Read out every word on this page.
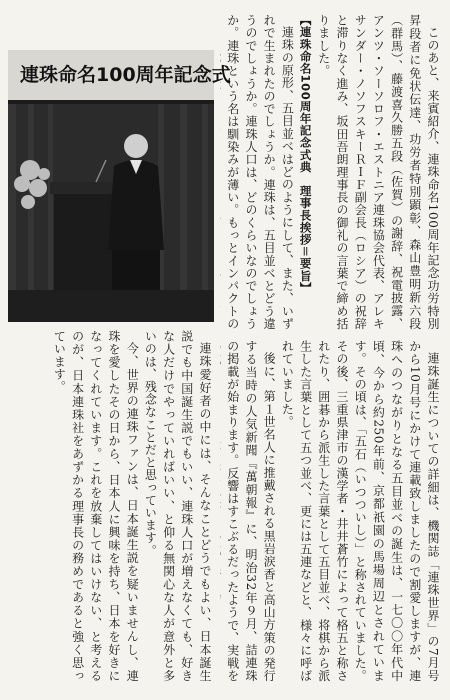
連珠命名100周年記念式	このあと、来賓紹介、連珠命名100周年記念功労特別昇段者に免状伝達、功労者特別顕彰、森山豊明新六段（群馬）、藤渡喜久勝五段（佐賀）の謝辞、祝電披露、アンツ・ソーソロフ・エストニア連珠協会代表、アレキサンダー・ノソフスキーＲＩＦ副会長（ロシア）の祝辞と滞りなく進み、坂田吾朗理事長の御礼の言葉で締め括りました。
【連珠命名100周年記念式典　理事長挨拶＝要旨】
連珠の原形、五目並べはどのようにして、また、いずれで生まれたのでしょうか。連珠は、五目並べとどう違うのでしょうか。連珠人口は、どのくらいなのでしょうか。連珠という名は馴染みが薄い。もっとインパクトの
連珠愛好者の中には、そんなことどうでもよい、日本誕生説でも中国誕生説でもいい、連珠人口が増えなくても、好きな人だけでやっていればいい、と仰る無関心な人が意外と多いのは、残念なことだと思っています。
今、世界の連珠ファンは、日本誕生説を疑いませんし、連珠を愛したその日から、日本人に興味を持ち、日本を好きになってくれています。これを放棄してはいけない、と考えるのが、日本連珠社をあずかる理事長の務めであると強く思っています。	連珠誕生についての詳細は、機関誌「連珠世界」の7月号から10月号にかけて連載致しましたので割愛しますが、連珠へのつながりとなる五目並べの誕生は、一七〇〇年代中頃、今から約250年前、京都祇園の馬場周辺とされています。その頃は、「五石（いつついし）」と称されていました。その後、三重県津市の漢学者・井井蒼竹によって格五と称されたり、囲碁から派生した言葉として五目並べ、将棋から派生した言葉として五つ並べ、更には五連などと、様々に呼ばれていました。
後に、第１世名人に推戴される黒岩涙香と高山方策の発行する当時の人気新聞『萬朝報』に、明治32年９月、詰連珠の掲載が始まります。反響はすこぶるだったようで、実戦を
